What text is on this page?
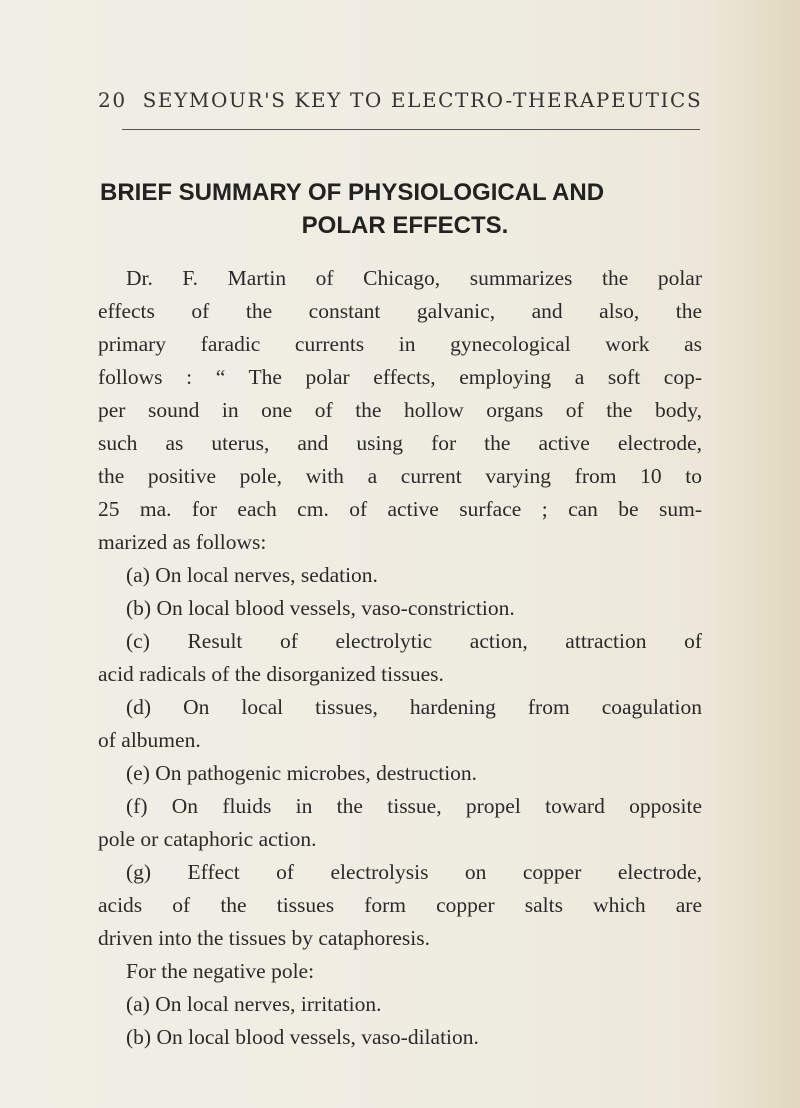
20 SEYMOUR'S KEY TO ELECTRO-THERAPEUTICS
BRIEF SUMMARY OF PHYSIOLOGICAL AND
POLAR EFFECTS.
Dr. F. Martin of Chicago, summarizes the polar
effects of the constant galvanic, and also, the
primary faradic currents in gynecological work as
follows : “ The polar effects, employing a soft cop-
per sound in one of the hollow organs of the body,
such as uterus, and using for the active electrode,
the positive pole, with a current varying from 10 to
25 ma. for each cm. of active surface ; can be sum-
marized as follows:
(a) On local nerves, sedation.
(b) On local blood vessels, vaso-constriction.
(c) Result of electrolytic action, attraction of
acid radicals of the disorganized tissues.
(d) On local tissues, hardening from coagulation
of albumen.
(e) On pathogenic microbes, destruction.
(f) On fluids in the tissue, propel toward opposite
pole or cataphoric action.
(g) Effect of electrolysis on copper electrode,
acids of the tissues form copper salts which are
driven into the tissues by cataphoresis.
For the negative pole:
(a) On local nerves, irritation.
(b) On local blood vessels, vaso-dilation.
